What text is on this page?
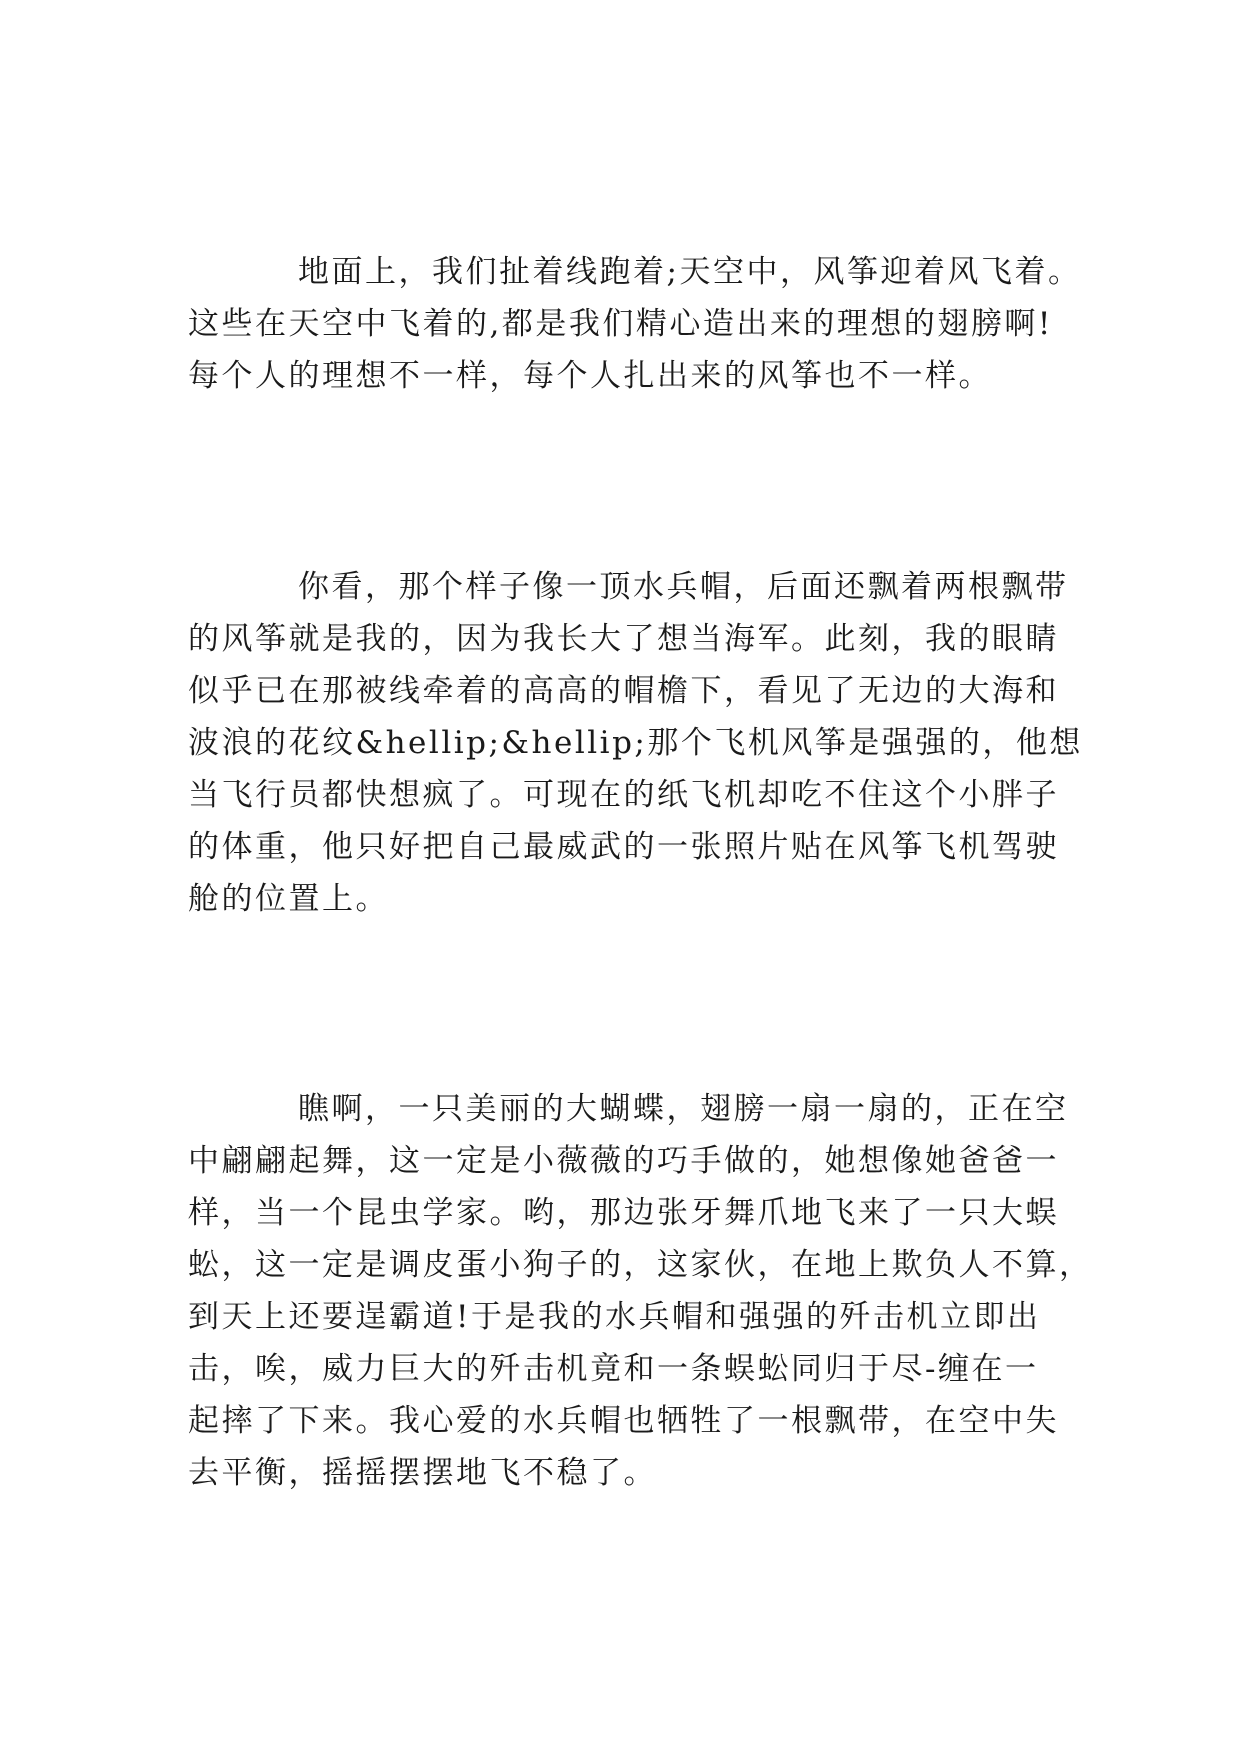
地面上，我们扯着线跑着;天空中，风筝迎着风飞着。
这些在天空中飞着的,都是我们精心造出来的理想的翅膀啊!
每个人的理想不一样，每个人扎出来的风筝也不一样。
你看，那个样子像一顶水兵帽，后面还飘着两根飘带
的风筝就是我的，因为我长大了想当海军。此刻，我的眼睛
似乎已在那被线牵着的高高的帽檐下，看见了无边的大海和
波浪的花纹&hellip;&hellip;那个飞机风筝是强强的，他想
当飞行员都快想疯了。可现在的纸飞机却吃不住这个小胖子
的体重，他只好把自己最威武的一张照片贴在风筝飞机驾驶
舱的位置上。
瞧啊，一只美丽的大蝴蝶，翅膀一扇一扇的，正在空
中翩翩起舞，这一定是小薇薇的巧手做的，她想像她爸爸一
样，当一个昆虫学家。哟，那边张牙舞爪地飞来了一只大蜈
蚣，这一定是调皮蛋小狗子的，这家伙，在地上欺负人不算，
到天上还要逞霸道!于是我的水兵帽和强强的歼击机立即出
击，唉，威力巨大的歼击机竟和一条蜈蚣同归于尽-缠在一
起摔了下来。我心爱的水兵帽也牺牲了一根飘带，在空中失
去平衡，摇摇摆摆地飞不稳了。
